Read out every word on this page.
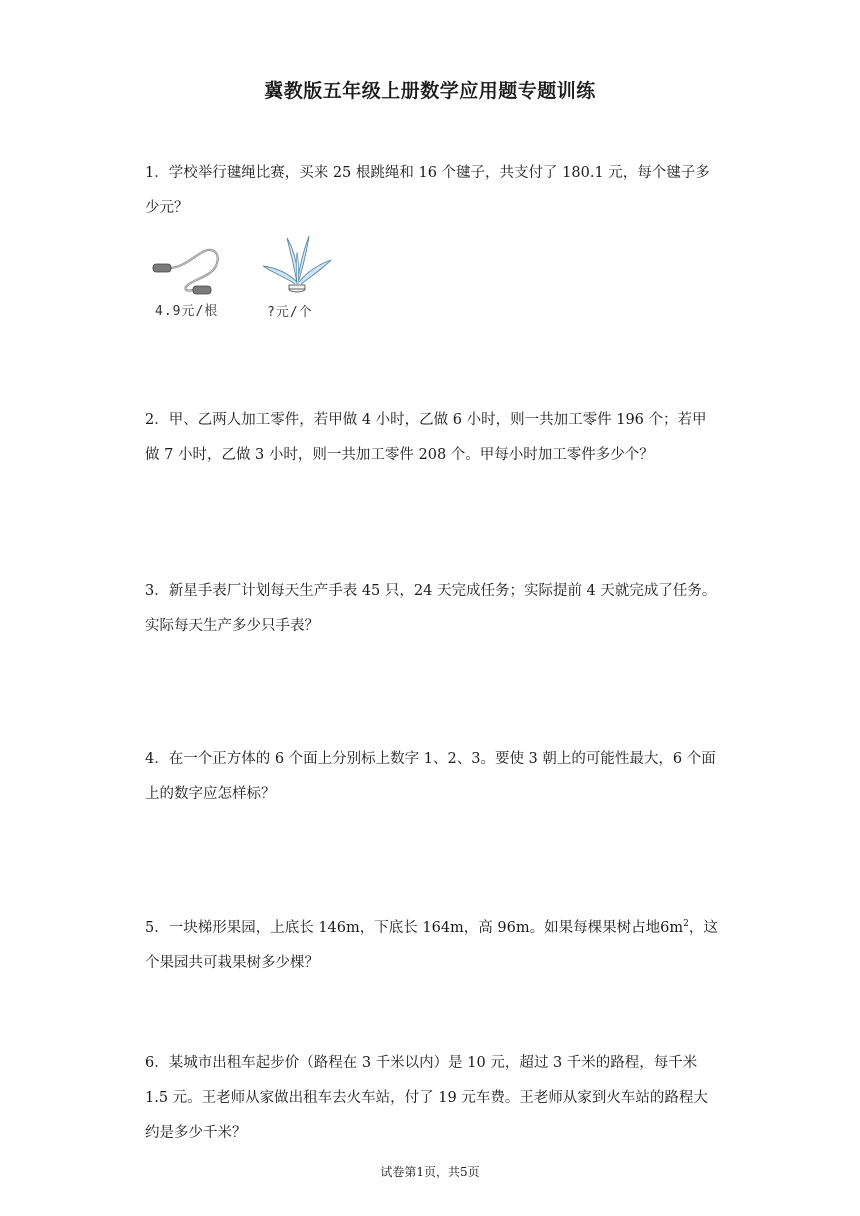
冀教版五年级上册数学应用题专题训练

1．学校举行毽绳比赛，买来 25 根跳绳和 16 个毽子，共支付了 180.1 元，每个毽子多

少元？

4.9元/根	?元/个

2．甲、乙两人加工零件，若甲做 4 小时，乙做 6 小时，则一共加工零件 196 个；若甲

做 7 小时，乙做 3 小时，则一共加工零件 208 个。甲每小时加工零件多少个？

3．新星手表厂计划每天生产手表 45 只，24 天完成任务；实际提前 4 天就完成了任务。

实际每天生产多少只手表？

4．在一个正方体的 6 个面上分别标上数字 1、2、3。要使 3 朝上的可能性最大，6 个面

上的数字应怎样标？

5．一块梯形果园，上底长 146m，下底长 164m，高 96m。如果每棵果树占地$6m^2$，这

个果园共可栽果树多少棵？

6．某城市出租车起步价（路程在 3 千米以内）是 10 元，超过 3 千米的路程，每千米

1.5 元。王老师从家做出租车去火车站，付了 19 元车费。王老师从家到火车站的路程大

约是多少千米？

试卷第1页，共5页
